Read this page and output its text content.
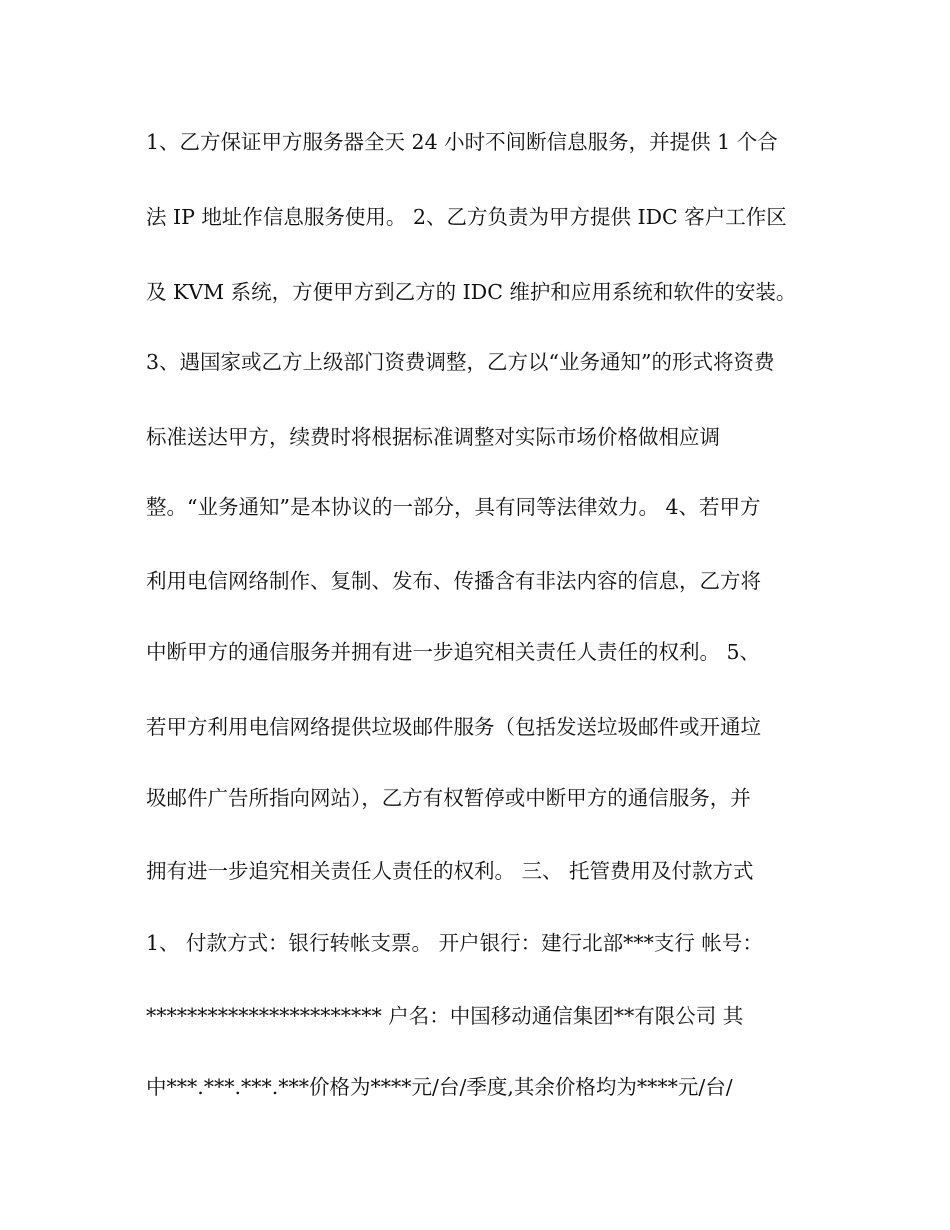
1、乙方保证甲方服务器全天 24 小时不间断信息服务，并提供 1 个合
法 IP 地址作信息服务使用。 2、乙方负责为甲方提供 IDC 客户工作区
及 KVM 系统，方便甲方到乙方的 IDC 维护和应用系统和软件的安装。
3、遇国家或乙方上级部门资费调整，乙方以“业务通知”的形式将资费
标准送达甲方，续费时将根据标准调整对实际市场价格做相应调
整。“业务通知”是本协议的一部分，具有同等法律效力。 4、若甲方
利用电信网络制作、复制、发布、传播含有非法内容的信息，乙方将
中断甲方的通信服务并拥有进一步追究相关责任人责任的权利。 5、
若甲方利用电信网络提供垃圾邮件服务（包括发送垃圾邮件或开通垃
圾邮件广告所指向网站），乙方有权暂停或中断甲方的通信服务，并
拥有进一步追究相关责任人责任的权利。 三、 托管费用及付款方式
1、 付款方式：银行转帐支票。 开户银行：建行北部***支行 帐号：
*********************** 户名：中国移动通信集团**有限公司 其
中***.***.***.***价格为****元/台/季度,其余价格均为****元/台/
